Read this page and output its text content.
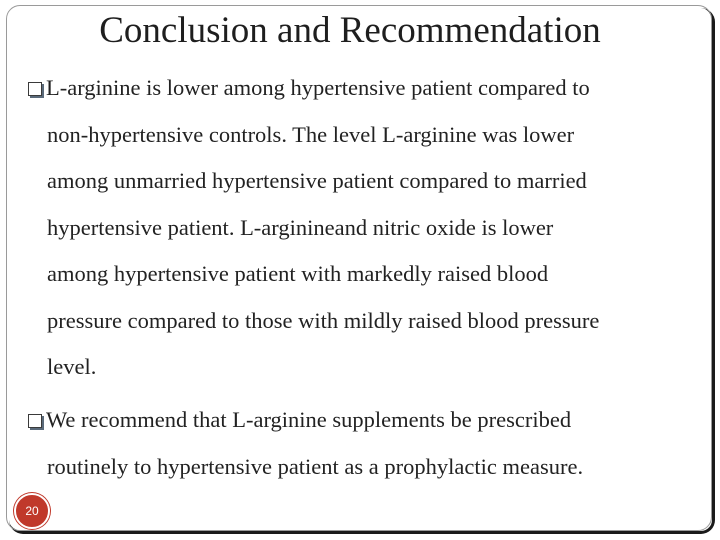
Conclusion and Recommendation
L-arginine is lower among hypertensive patient compared to
non-hypertensive controls. The level L-arginine was lower
among unmarried hypertensive patient compared to married
hypertensive patient. L-arginineand nitric oxide is lower
among hypertensive patient with markedly raised blood
pressure compared to those with mildly raised blood pressure
level.
We recommend that L-arginine supplements be prescribed
routinely to hypertensive patient as a prophylactic measure.
20
